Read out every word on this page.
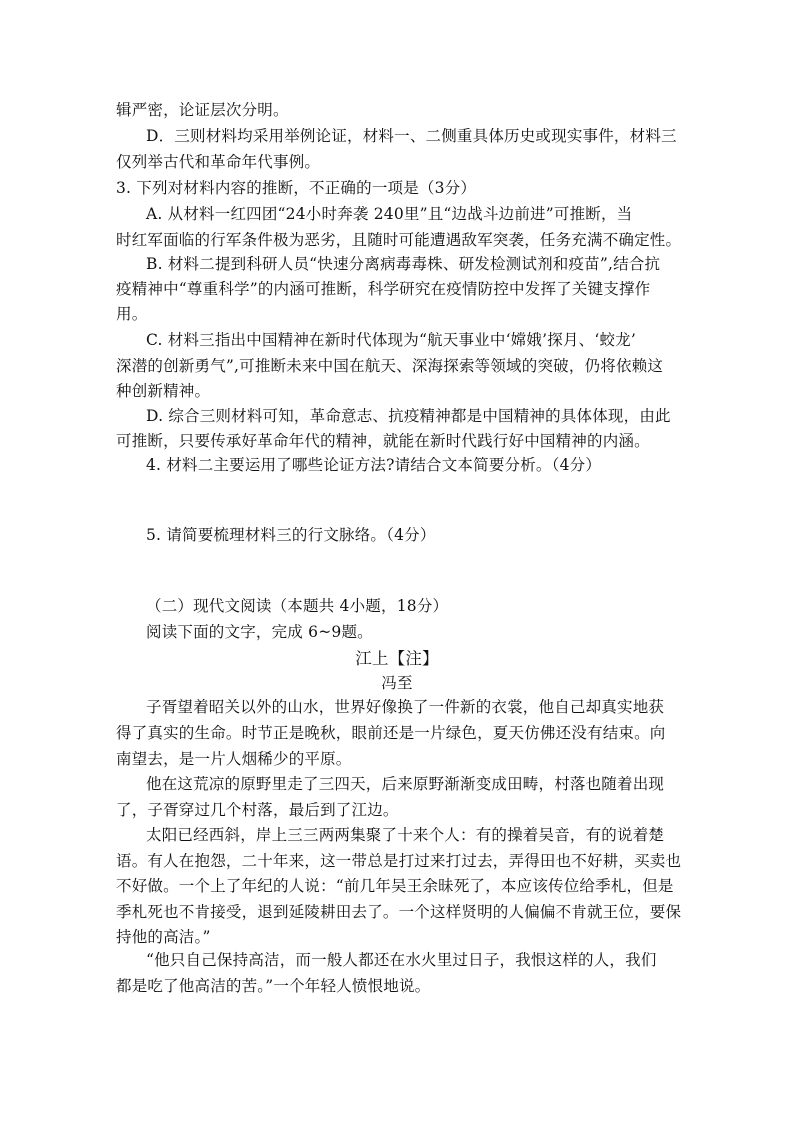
辑严密，论证层次分明。
D．三则材料均采用举例论证，材料一、二侧重具体历史或现实事件，材料三
仅列举古代和革命年代事例。
3. 下列对材料内容的推断，不正确的一项是（3分）
A. 从材料一红四团“24小时奔袭 240里”且“边战斗边前进”可推断，当
时红军面临的行军条件极为恶劣，且随时可能遭遇敌军突袭，任务充满不确定性。
B. 材料二提到科研人员“快速分离病毒毒株、研发检测试剂和疫苗”,结合抗
疫精神中“尊重科学”的内涵可推断，科学研究在疫情防控中发挥了关键支撑作
用。
C. 材料三指出中国精神在新时代体现为“航天事业中‘嫦娥’探月、‘蛟龙’
深潜的创新勇气”,可推断未来中国在航天、深海探索等领域的突破，仍将依赖这
种创新精神。
D. 综合三则材料可知，革命意志、抗疫精神都是中国精神的具体体现，由此
可推断，只要传承好革命年代的精神，就能在新时代践行好中国精神的内涵。
4. 材料二主要运用了哪些论证方法?请结合文本简要分析。（4分）
5. 请简要梳理材料三的行文脉络。（4分）
（二）现代文阅读（本题共 4小题，18分）
阅读下面的文字，完成 6~9题。
江上【注】
冯至
子胥望着昭关以外的山水，世界好像换了一件新的衣裳，他自己却真实地获
得了真实的生命。时节正是晚秋，眼前还是一片绿色，夏天仿佛还没有结束。向
南望去，是一片人烟稀少的平原。
他在这荒凉的原野里走了三四天，后来原野渐渐变成田畴，村落也随着出现
了，子胥穿过几个村落，最后到了江边。
太阳已经西斜，岸上三三两两集聚了十来个人：有的操着吴音，有的说着楚
语。有人在抱怨，二十年来，这一带总是打过来打过去，弄得田也不好耕，买卖也
不好做。一个上了年纪的人说：“前几年吴王余昧死了，本应该传位给季札，但是
季札死也不肯接受，退到延陵耕田去了。一个这样贤明的人偏偏不肯就王位，要保
持他的高洁。”
“他只自己保持高洁，而一般人都还在水火里过日子，我恨这样的人，我们
都是吃了他高洁的苦。”一个年轻人愤恨地说。
